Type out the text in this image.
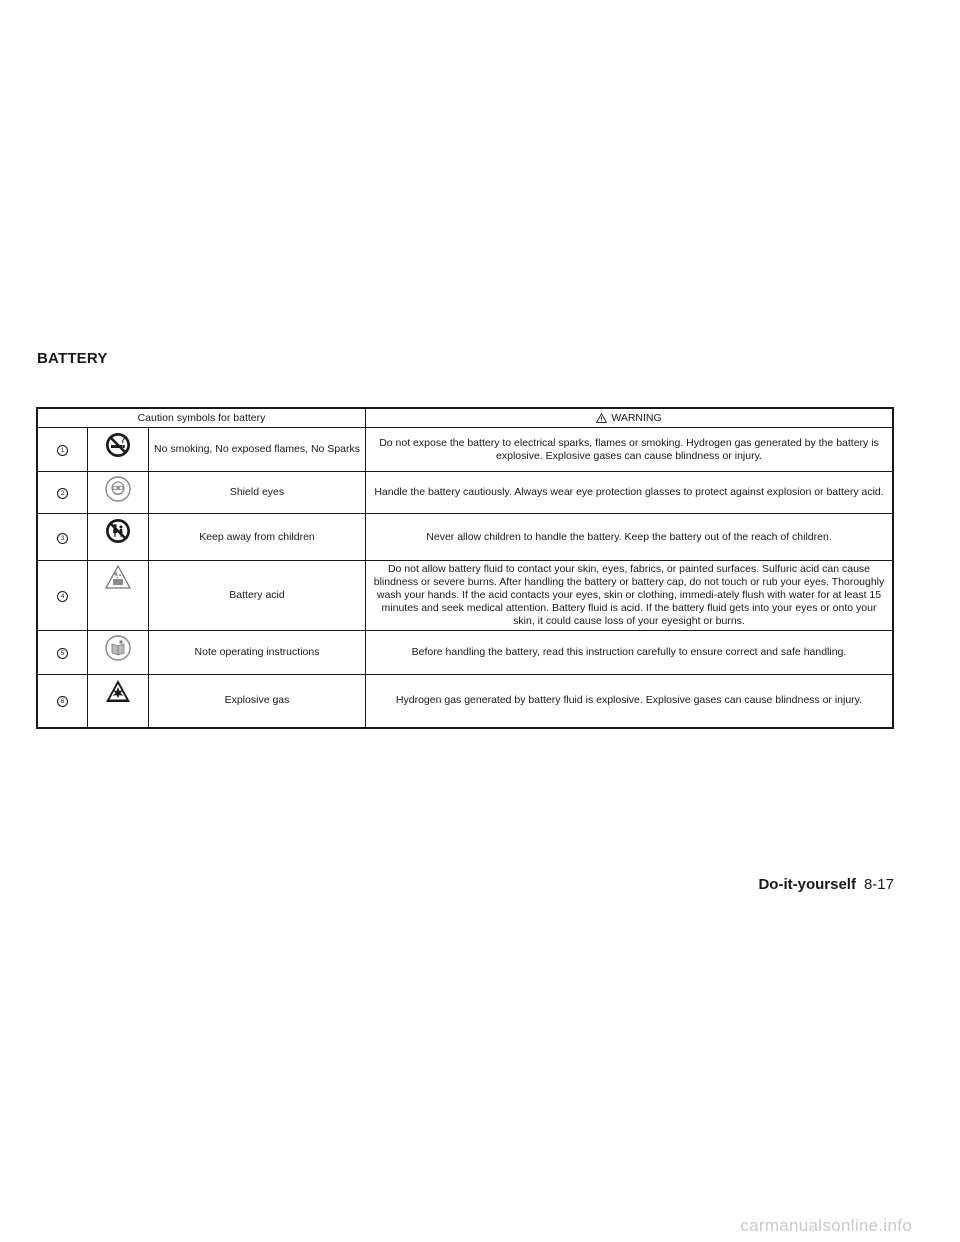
BATTERY
Caution symbols for battery			WARNING
1		No smoking, No exposed flames, No Sparks	Do not expose the battery to electrical sparks, flames or smoking. Hydrogen gas generated by the battery is explosive. Explosive gases can cause blindness or injury.
2		Shield eyes	Handle the battery cautiously. Always wear eye protection glasses to protect against explosion or battery acid.
3		Keep away from children	Never allow children to handle the battery. Keep the battery out of the reach of children.
4		Battery acid	Do not allow battery fluid to contact your skin, eyes, fabrics, or painted surfaces. Sulfuric acid can cause blindness or severe burns. After handling the battery or battery cap, do not touch or rub your eyes. Thoroughly wash your hands. If the acid contacts your eyes, skin or clothing, immedi-ately flush with water for at least 15 minutes and seek medical attention. Battery fluid is acid. If the battery fluid gets into your eyes or onto your skin, it could cause loss of your eyesight or burns.
5		Note operating instructions	Before handling the battery, read this instruction carefully to ensure correct and safe handling.
6		Explosive gas	Hydrogen gas generated by battery fluid is explosive. Explosive gases can cause blindness or injury.
Do-it-yourself 8-17
carmanualsonline.info
